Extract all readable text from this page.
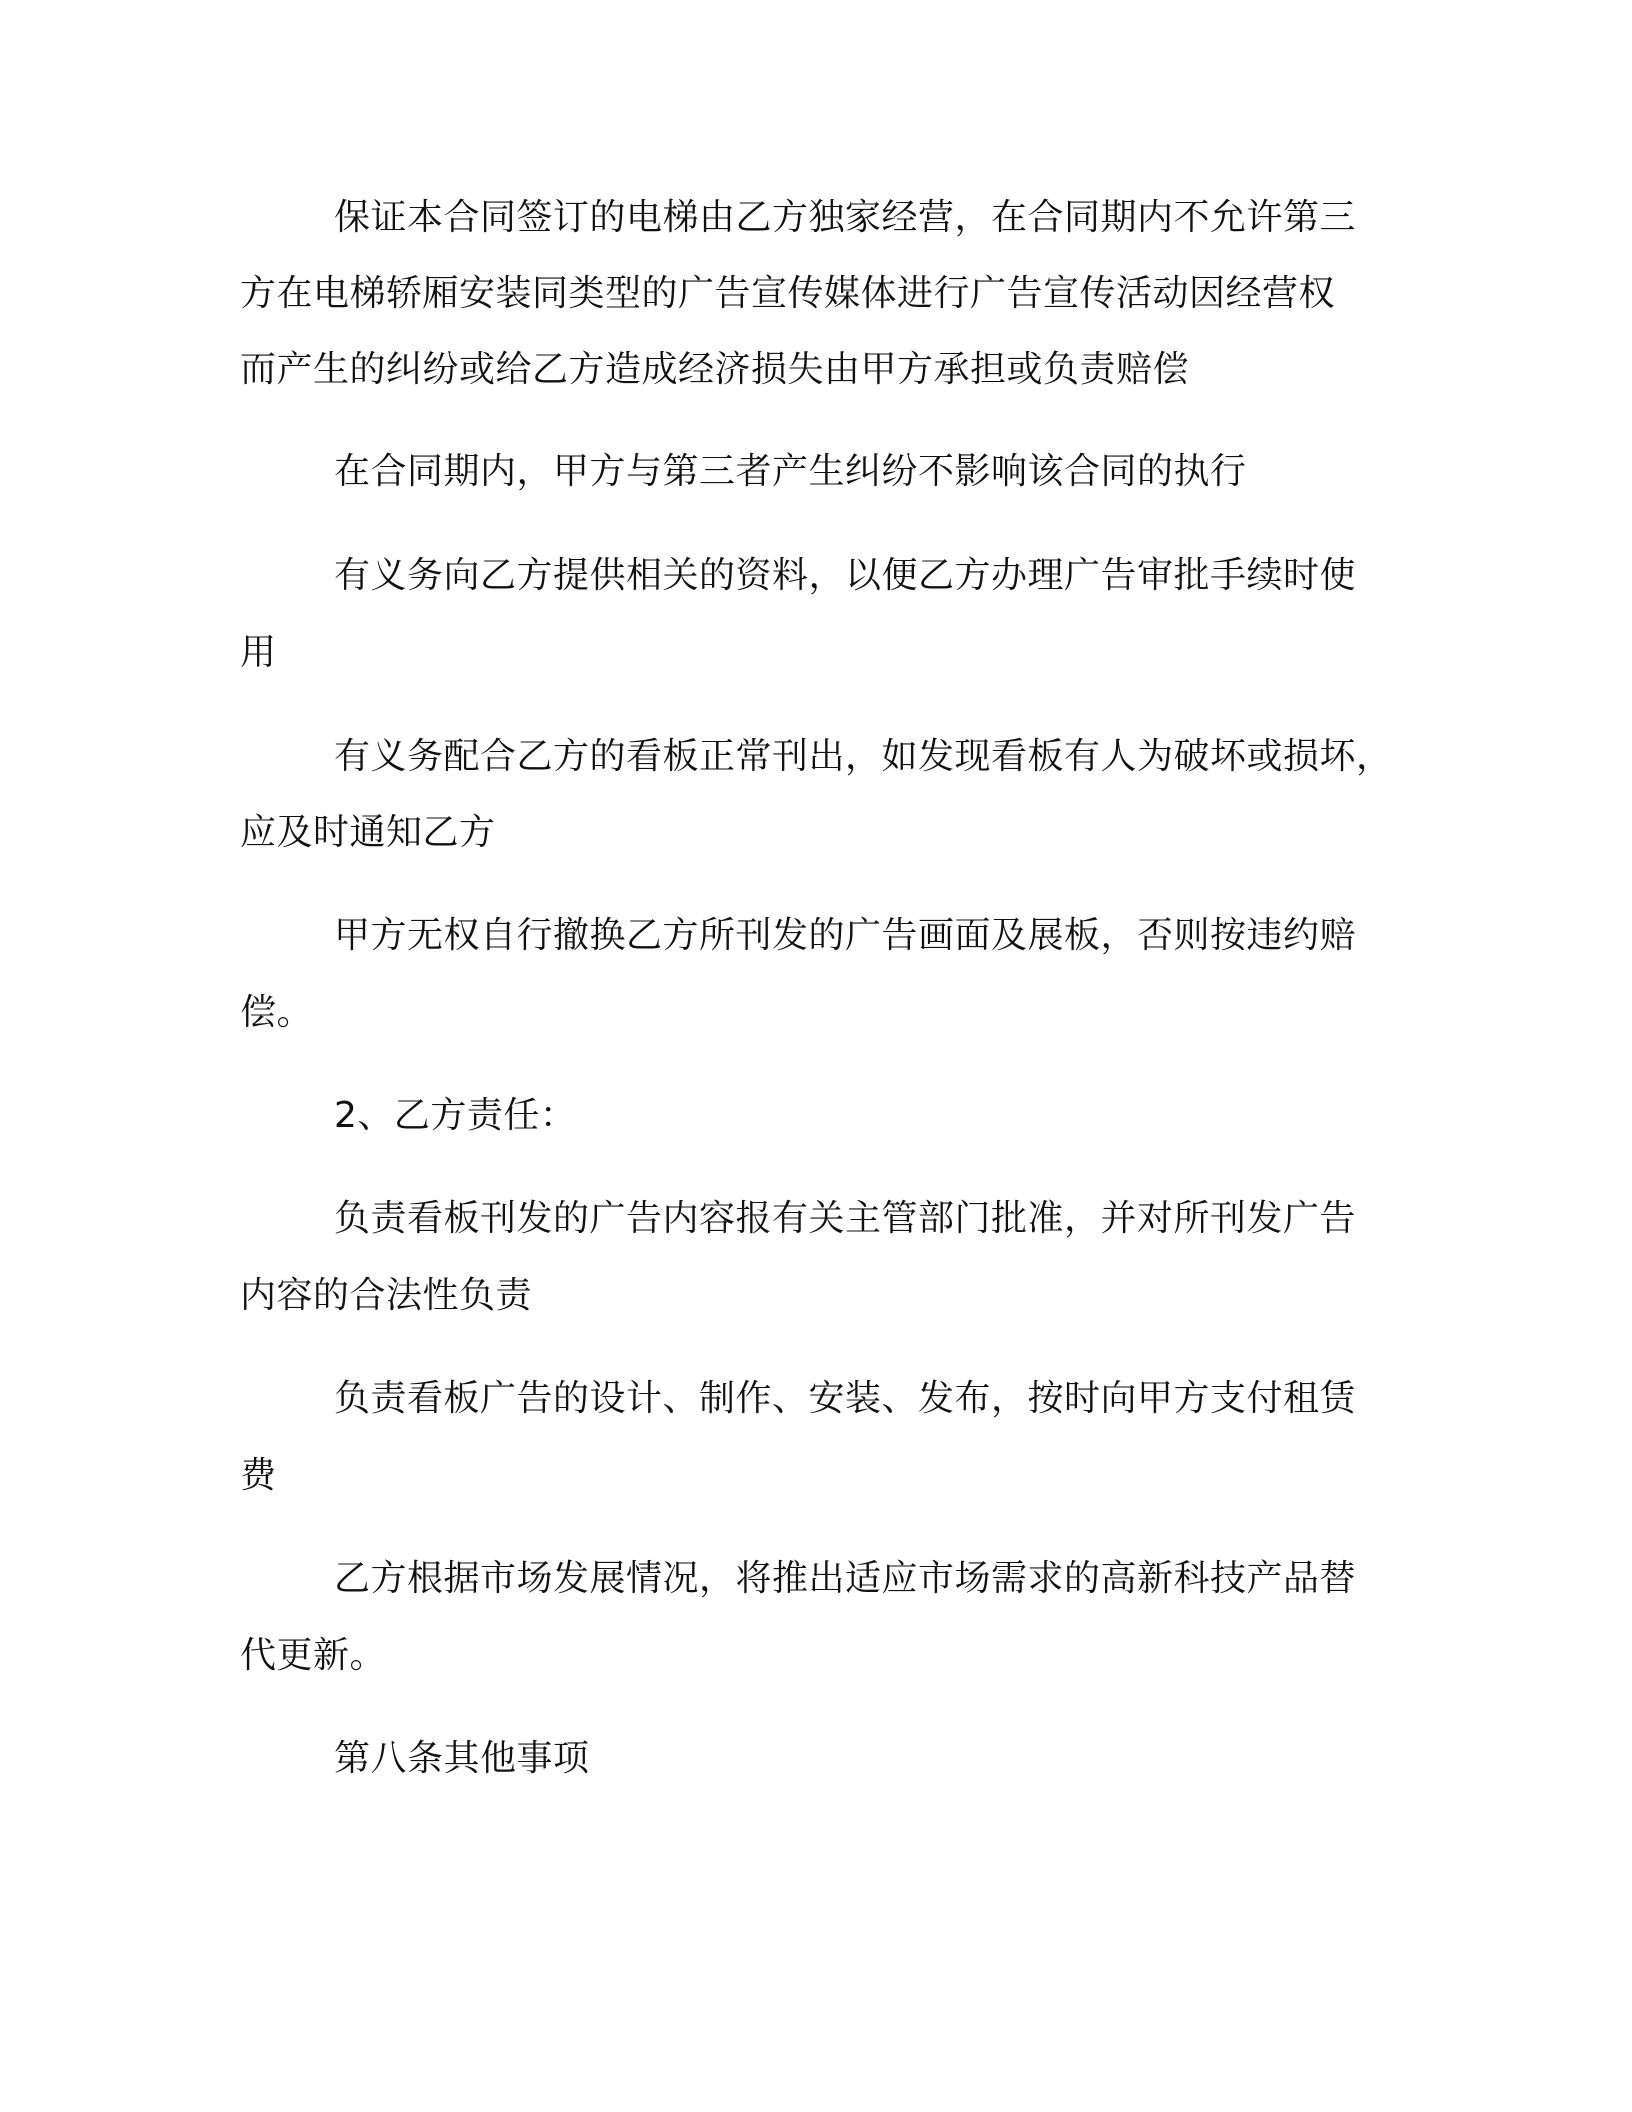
保证本合同签订的电梯由乙方独家经营，在合同期内不允许第三
方在电梯轿厢安装同类型的广告宣传媒体进行广告宣传活动因经营权
而产生的纠纷或给乙方造成经济损失由甲方承担或负责赔偿
在合同期内，甲方与第三者产生纠纷不影响该合同的执行
有义务向乙方提供相关的资料，以便乙方办理广告审批手续时使
用
有义务配合乙方的看板正常刊出，如发现看板有人为破坏或损坏，
应及时通知乙方
甲方无权自行撤换乙方所刊发的广告画面及展板，否则按违约赔
偿。
2、乙方责任：
负责看板刊发的广告内容报有关主管部门批准，并对所刊发广告
内容的合法性负责
负责看板广告的设计、制作、安装、发布，按时向甲方支付租赁
费
乙方根据市场发展情况，将推出适应市场需求的高新科技产品替
代更新。
第八条其他事项
